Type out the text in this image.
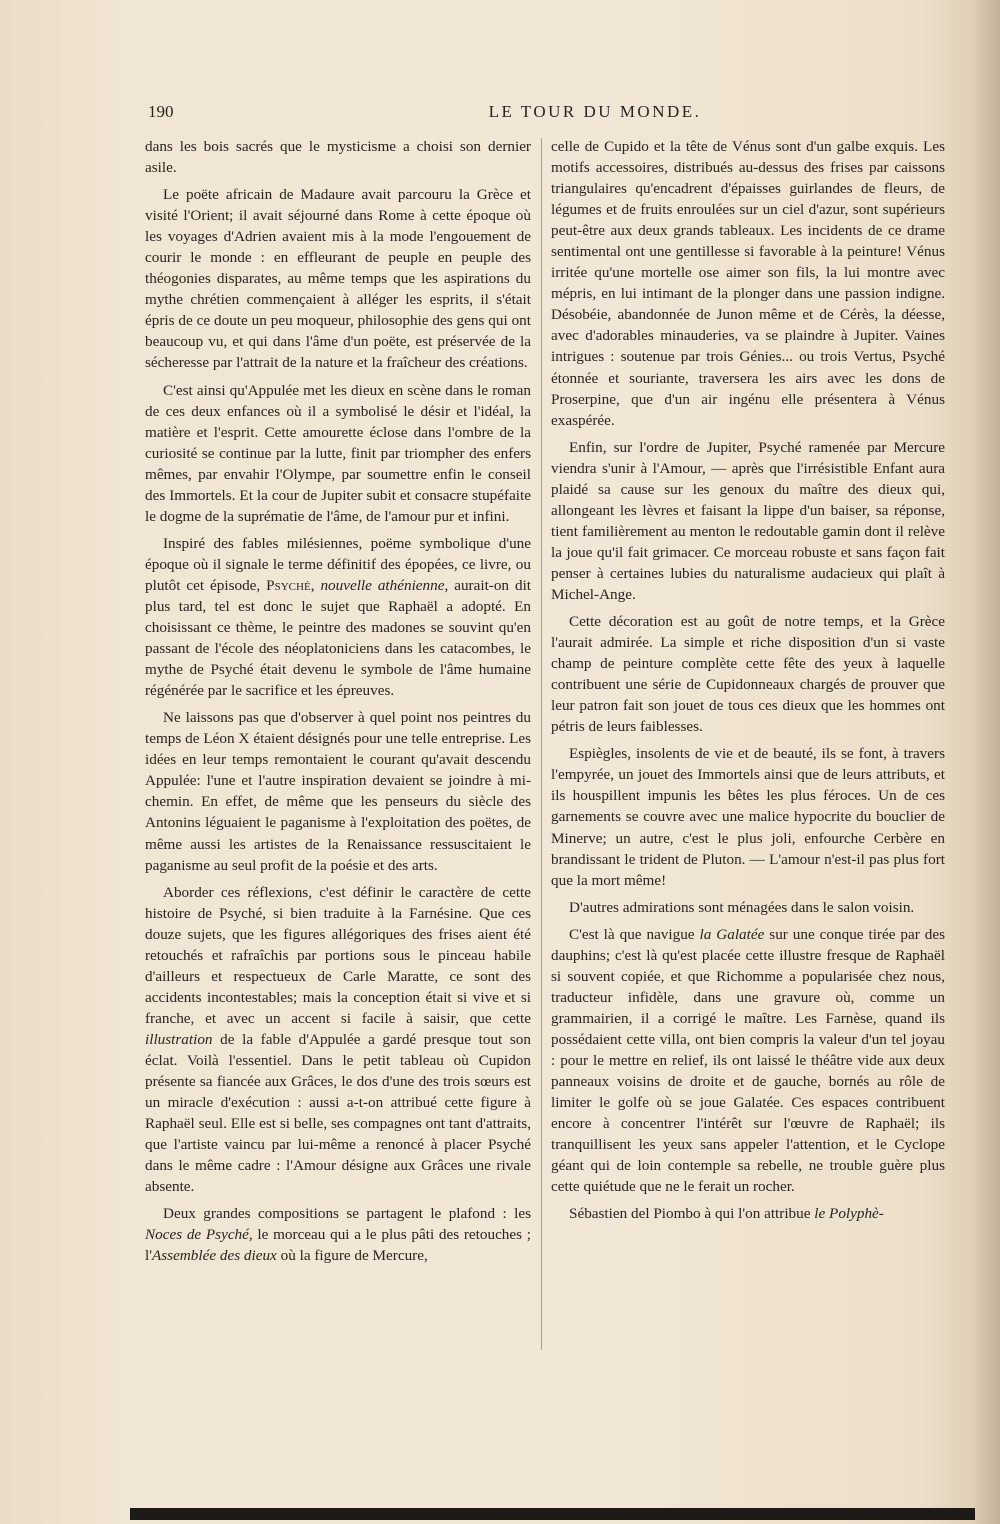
190	LE TOUR DU MONDE.

dans les bois sacrés que le mysticisme a choisi son dernier asile.

Le poëte africain de Madaure avait parcouru la Grèce et visité l'Orient; il avait séjourné dans Rome à cette époque où les voyages d'Adrien avaient mis à la mode l'engouement de courir le monde : en effleurant de peuple en peuple des théogonies disparates, au même temps que les aspirations du mythe chrétien commençaient à alléger les esprits, il s'était épris de ce doute un peu moqueur, philosophie des gens qui ont beaucoup vu, et qui dans l'âme d'un poëte, est préservée de la sécheresse par l'attrait de la nature et la fraîcheur des créations.

C'est ainsi qu'Appulée met les dieux en scène dans le roman de ces deux enfances où il a symbolisé le désir et l'idéal, la matière et l'esprit. Cette amourette éclose dans l'ombre de la curiosité se continue par la lutte, finit par triompher des enfers mêmes, par envahir l'Olympe, par soumettre enfin le conseil des Immortels. Et la cour de Jupiter subit et consacre stupéfaite le dogme de la suprématie de l'âme, de l'amour pur et infini.

Inspiré des fables milésiennes, poëme symbolique d'une époque où il signale le terme définitif des épopées, ce livre, ou plutôt cet épisode, Psyché, nouvelle athénienne, aurait-on dit plus tard, tel est donc le sujet que Raphaël a adopté. En choisissant ce thème, le peintre des madones se souvint qu'en passant de l'école des néoplatoniciens dans les catacombes, le mythe de Psyché était devenu le symbole de l'âme humaine régénérée par le sacrifice et les épreuves.

Ne laissons pas que d'observer à quel point nos peintres du temps de Léon X étaient désignés pour une telle entreprise. Les idées en leur temps remontaient le courant qu'avait descendu Appulée: l'une et l'autre inspiration devaient se joindre à mi-chemin. En effet, de même que les penseurs du siècle des Antonins léguaient le paganisme à l'exploitation des poëtes, de même aussi les artistes de la Renaissance ressuscitaient le paganisme au seul profit de la poésie et des arts.

Aborder ces réflexions, c'est définir le caractère de cette histoire de Psyché, si bien traduite à la Farnésine. Que ces douze sujets, que les figures allégoriques des frises aient été retouchés et rafraîchis par portions sous le pinceau habile d'ailleurs et respectueux de Carle Maratte, ce sont des accidents incontestables; mais la conception était si vive et si franche, et avec un accent si facile à saisir, que cette illustration de la fable d'Appulée a gardé presque tout son éclat. Voilà l'essentiel. Dans le petit tableau où Cupidon présente sa fiancée aux Grâces, le dos d'une des trois sœurs est un miracle d'exécution : aussi a-t-on attribué cette figure à Raphaël seul. Elle est si belle, ses compagnes ont tant d'attraits, que l'artiste vaincu par lui-même a renoncé à placer Psyché dans le même cadre : l'Amour désigne aux Grâces une rivale absente.

Deux grandes compositions se partagent le plafond : les Noces de Psyché, le morceau qui a le plus pâti des retouches ; l'Assemblée des dieux où la figure de Mercure,

celle de Cupido et la tête de Vénus sont d'un galbe exquis. Les motifs accessoires, distribués au-dessus des frises par caissons triangulaires qu'encadrent d'épaisses guirlandes de fleurs, de légumes et de fruits enroulées sur un ciel d'azur, sont supérieurs peut-être aux deux grands tableaux. Les incidents de ce drame sentimental ont une gentillesse si favorable à la peinture! Vénus irritée qu'une mortelle ose aimer son fils, la lui montre avec mépris, en lui intimant de la plonger dans une passion indigne. Désobéie, abandonnée de Junon même et de Cérès, la déesse, avec d'adorables minauderies, va se plaindre à Jupiter. Vaines intrigues : soutenue par trois Génies... ou trois Vertus, Psyché étonnée et souriante, traversera les airs avec les dons de Proserpine, que d'un air ingénu elle présentera à Vénus exaspérée.

Enfin, sur l'ordre de Jupiter, Psyché ramenée par Mercure viendra s'unir à l'Amour, — après que l'irrésistible Enfant aura plaidé sa cause sur les genoux du maître des dieux qui, allongeant les lèvres et faisant la lippe d'un baiser, sa réponse, tient familièrement au menton le redoutable gamin dont il relève la joue qu'il fait grimacer. Ce morceau robuste et sans façon fait penser à certaines lubies du naturalisme audacieux qui plaît à Michel-Ange.

Cette décoration est au goût de notre temps, et la Grèce l'aurait admirée. La simple et riche disposition d'un si vaste champ de peinture complète cette fête des yeux à laquelle contribuent une série de Cupidonneaux chargés de prouver que leur patron fait son jouet de tous ces dieux que les hommes ont pétris de leurs faiblesses.

Espiègles, insolents de vie et de beauté, ils se font, à travers l'empyrée, un jouet des Immortels ainsi que de leurs attributs, et ils houspillent impunis les bêtes les plus féroces. Un de ces garnements se couvre avec une malice hypocrite du bouclier de Minerve; un autre, c'est le plus joli, enfourche Cerbère en brandissant le trident de Pluton. — L'amour n'est-il pas plus fort que la mort même!

D'autres admirations sont ménagées dans le salon voisin.

C'est là que navigue la Galatée sur une conque tirée par des dauphins; c'est là qu'est placée cette illustre fresque de Raphaël si souvent copiée, et que Richomme a popularisée chez nous, traducteur infidèle, dans une gravure où, comme un grammairien, il a corrigé le maître. Les Farnèse, quand ils possédaient cette villa, ont bien compris la valeur d'un tel joyau : pour le mettre en relief, ils ont laissé le théâtre vide aux deux panneaux voisins de droite et de gauche, bornés au rôle de limiter le golfe où se joue Galatée. Ces espaces contribuent encore à concentrer l'intérêt sur l'œuvre de Raphaël; ils tranquillisent les yeux sans appeler l'attention, et le Cyclope géant qui de loin contemple sa rebelle, ne trouble guère plus cette quiétude que ne le ferait un rocher.

Sébastien del Piombo à qui l'on attribue le Polyphè-
